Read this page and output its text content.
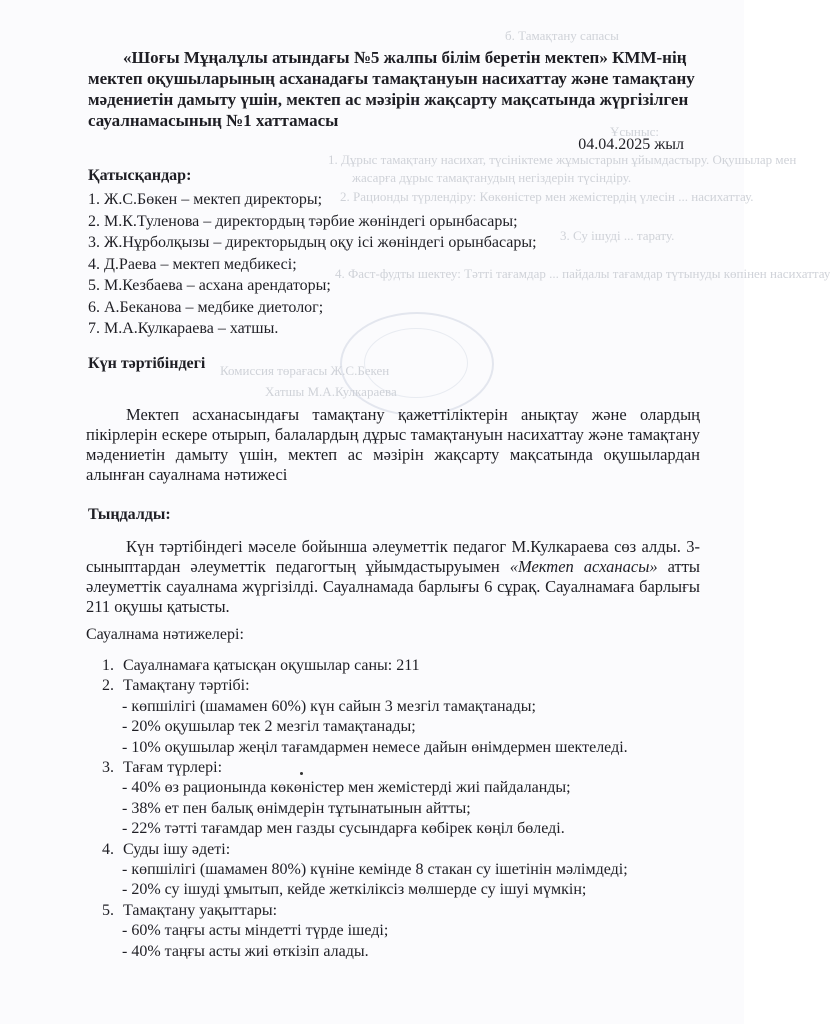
б. Тамақтану сапасы
Ұсыныс:
1. Дұрыс тамақтану насихат, түсініктеме жұмыстарын ұйымдастыру. Оқушылар мен
жасарға дұрыс тамақтанудың негіздерін түсіндіру.
2. Рационды түрлендіру: Көкөністер мен жемістердің үлесін ... насихаттау.
3. Су ішуді ... тарату.
4. Фаст-фудты шектеу: Тәтті тағамдар ... пайдалы тағамдар түтынуды көпінен насихаттау
Комиссия төрағасы Ж.С.Бекен
Хатшы М.А.Кулкараева
«Шоғы Мұңалұлы атындағы №5 жалпы білім беретін мектеп» КММ-нің
мектеп оқушыларының асханадағы тамақтануын насихаттау және тамақтану
мәдениетін дамыту үшін, мектеп ас мәзірін жақсарту мақсатында жүргізілген
сауалнамасының №1 хаттамасы
04.04.2025 жыл
Қатысқандар:
1. Ж.С.Бөкен – мектеп директоры;
2. М.К.Туленова – директордың тәрбие жөніндегі орынбасары;
3. Ж.Нұрболқызы – директорыдың оқу ісі жөніндегі орынбасары;
4. Д.Раева – мектеп медбикесі;
5. М.Кезбаева – асхана арендаторы;
6. А.Беканова – медбике диетолог;
7. М.А.Кулкараева – хатшы.
Күн тәртібіндегі

Мектеп асханасындағы тамақтану қажеттіліктерін анықтау және олардың пікірлерін ескере отырып, балалардың дұрыс тамақтануын насихаттау және тамақтану мәдениетін дамыту үшін, мектеп ас мәзірін жақсарту мақсатында оқушылардан алынған сауалнама нәтижесі

Тыңдалды:

Күн тәртібіндегі мәселе бойынша әлеуметтік педагог М.Кулкараева сөз алды. 3-сыныптардан әлеуметтік педагогтың ұйымдастыруымен «Мектеп асханасы» атты әлеуметтік сауалнама жүргізілді. Сауалнамада барлығы 6 сұрақ. Сауалнамаға барлығы 211 оқушы қатысты.

Сауалнама нәтижелері:
1. Сауалнамаға қатысқан оқушылар саны: 211
2. Тамақтану тәртібі:
- көпшілігі (шамамен 60%) күн сайын 3 мезгіл тамақтанады;
- 20% оқушылар тек 2 мезгіл тамақтанады;
- 10% оқушылар жеңіл тағамдармен немесе дайын өнімдермен шектеледі.
3. Тағам түрлері:
- 40% өз рационында көкөністер мен жемістерді жиі пайдаланды;
- 38% ет пен балық өнімдерін тұтынатынын айтты;
- 22% тәтті тағамдар мен газды сусындарға көбірек көңіл бөледі.
4. Суды ішу әдеті:
- көпшілігі (шамамен 80%) күніне кемінде 8 стакан су ішетінін мәлімдеді;
- 20% су ішуді ұмытып, кейде жеткіліксіз мөлшерде су ішуі мүмкін;
5. Тамақтану уақыттары:
- 60% таңғы асты міндетті түрде ішеді;
- 40% таңғы асты жиі өткізіп алады.
